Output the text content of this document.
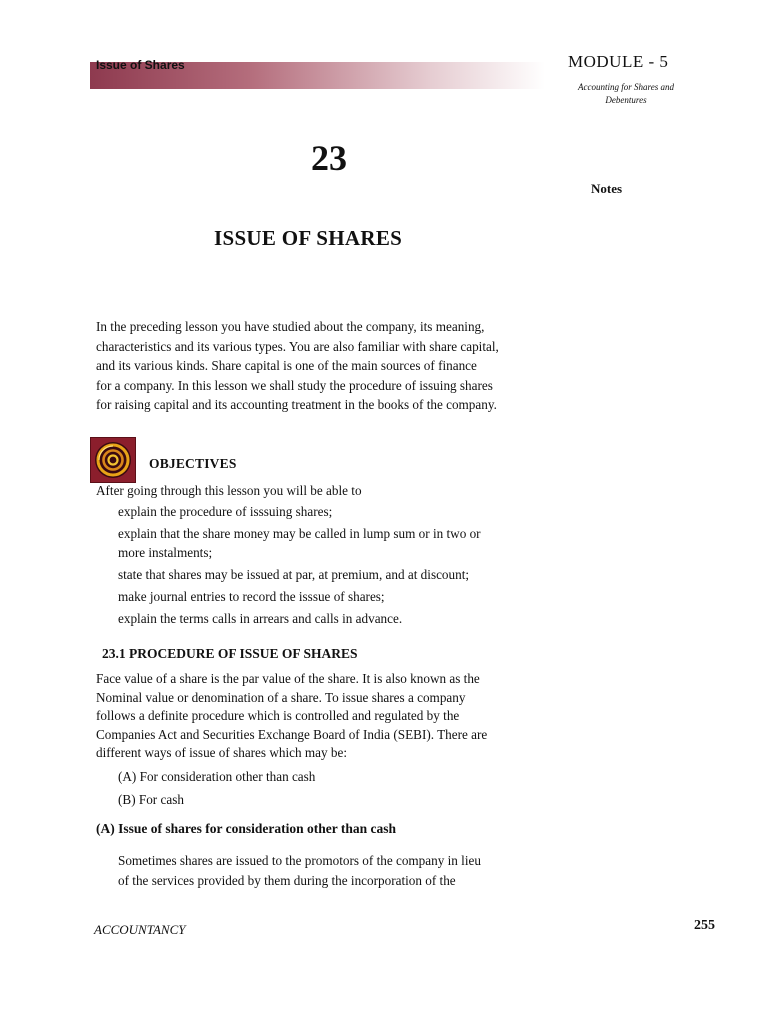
Issue of Shares	MODULE - 5
Accounting for Shares and
Debentures
23
Notes
ISSUE OF SHARES

In the preceding lesson you have studied about the company, its meaning,

characteristics and its various types. You are also familiar with share capital,

and its various kinds. Share capital is one of the main sources of finance

for a company. In this lesson we shall study the procedure of issuing shares

for raising capital and its accounting treatment in the books of the company.

OBJECTIVES
After going through this lesson you will be able to
explain the procedure of isssuing shares;
explain that the share money may be called in lump sum or in two or
more instalments;
state that shares may be issued at par, at premium, and at discount;
make journal entries to record the isssue of shares;
explain the terms calls in arrears and calls in advance.
23.1 PROCEDURE OF ISSUE OF SHARES
Face value of a share is the par value of the share. It is also known as the
Nominal value or denomination of a share. To issue shares a company
follows a definite procedure which is controlled and regulated by the
Companies Act and Securities Exchange Board of India (SEBI). There are
different ways of issue of shares which may be:
(A) For consideration other than cash
(B) For cash
(A) Issue of shares for consideration other than cash
Sometimes shares are issued to the promotors of the company in lieu
of the services provided by them during the incorporation of the
ACCOUNTANCY	255
